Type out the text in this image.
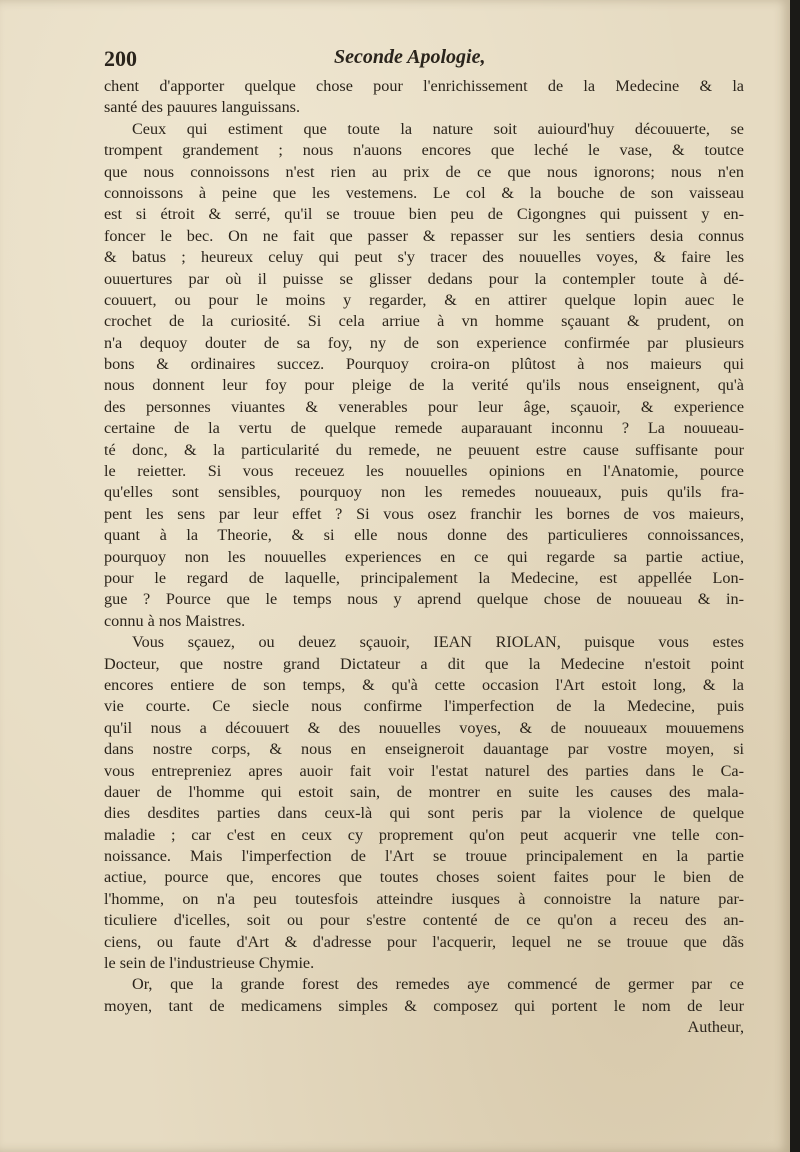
200	Seconde Apologie,
chent d'apporter quelque chose pour l'enrichissement de la Medecine & la
santé des pauures languissans.
Ceux qui estiment que toute la nature soit auiourd'huy découuerte, se
trompent grandement ; nous n'auons encores que leché le vase, & toutce
que nous connoissons n'est rien au prix de ce que nous ignorons; nous n'en
connoissons à peine que les vestemens. Le col & la bouche de son vaisseau
est si étroit & serré, qu'il se trouue bien peu de Cigongnes qui puissent y en-
foncer le bec. On ne fait que passer & repasser sur les sentiers desia connus
& batus ; heureux celuy qui peut s'y tracer des nouuelles voyes, & faire les
ouuertures par où il puisse se glisser dedans pour la contempler toute à dé-
couuert, ou pour le moins y regarder, & en attirer quelque lopin auec le
crochet de la curiosité. Si cela arriue à vn homme sçauant & prudent, on
n'a dequoy douter de sa foy, ny de son experience confirmée par plusieurs
bons & ordinaires succez. Pourquoy croira-on plûtost à nos maieurs qui
nous donnent leur foy pour pleige de la verité qu'ils nous enseignent, qu'à
des personnes viuantes & venerables pour leur âge, sçauoir, & experience
certaine de la vertu de quelque remede auparauant inconnu ? La nouueau-
té donc, & la particularité du remede, ne peuuent estre cause suffisante pour
le reietter. Si vous receuez les nouuelles opinions en l'Anatomie, pource
qu'elles sont sensibles, pourquoy non les remedes nouueaux, puis qu'ils fra-
pent les sens par leur effet ? Si vous osez franchir les bornes de vos maieurs,
quant à la Theorie, & si elle nous donne des particulieres connoissances,
pourquoy non les nouuelles experiences en ce qui regarde sa partie actiue,
pour le regard de laquelle, principalement la Medecine, est appellée Lon-
gue ? Pource que le temps nous y aprend quelque chose de nouueau & in-
connu à nos Maistres.
Vous sçauez, ou deuez sçauoir, IEAN RIOLAN, puisque vous estes
Docteur, que nostre grand Dictateur a dit que la Medecine n'estoit point
encores entiere de son temps, & qu'à cette occasion l'Art estoit long, & la
vie courte. Ce siecle nous confirme l'imperfection de la Medecine, puis
qu'il nous a découuert & des nouuelles voyes, & de nouueaux mouuemens
dans nostre corps, & nous en enseigneroit dauantage par vostre moyen, si
vous entrepreniez apres auoir fait voir l'estat naturel des parties dans le Ca-
dauer de l'homme qui estoit sain, de montrer en suite les causes des mala-
dies desdites parties dans ceux-là qui sont peris par la violence de quelque
maladie ; car c'est en ceux cy proprement qu'on peut acquerir vne telle con-
noissance. Mais l'imperfection de l'Art se trouue principalement en la partie
actiue, pource que, encores que toutes choses soient faites pour le bien de
l'homme, on n'a peu toutesfois atteindre iusques à connoistre la nature par-
ticuliere d'icelles, soit ou pour s'estre contenté de ce qu'on a receu des an-
ciens, ou faute d'Art & d'adresse pour l'acquerir, lequel ne se trouue que dãs
le sein de l'industrieuse Chymie.
Or, que la grande forest des remedes aye commencé de germer par ce
moyen, tant de medicamens simples & composez qui portent le nom de leur
Autheur,
